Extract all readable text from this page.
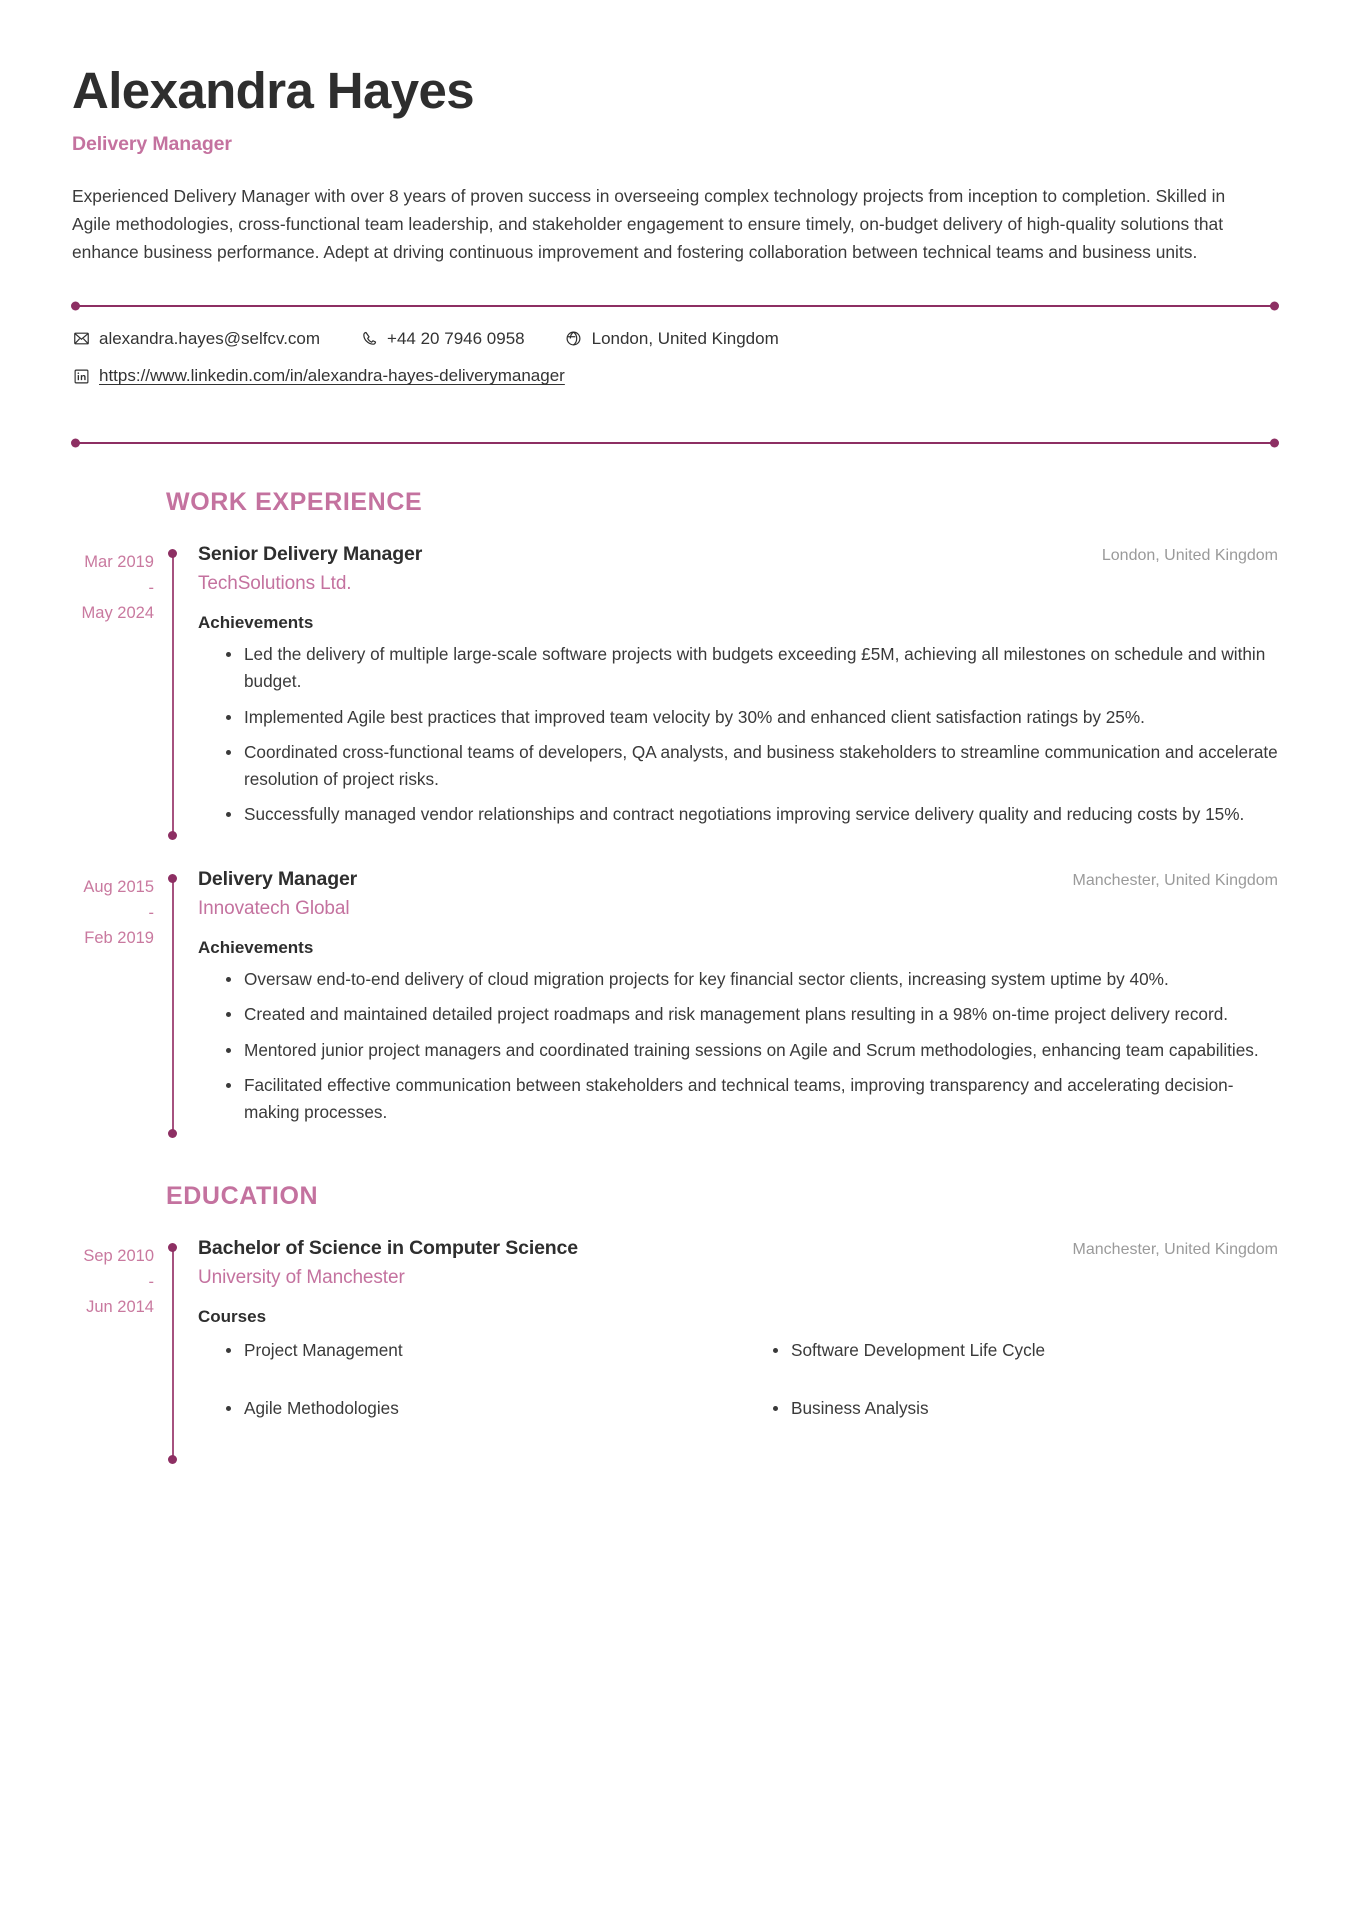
Alexandra Hayes
Delivery Manager

Experienced Delivery Manager with over 8 years of proven success in overseeing complex technology projects from inception to completion. Skilled in Agile methodologies, cross-functional team leadership, and stakeholder engagement to ensure timely, on-budget delivery of high-quality solutions that enhance business performance. Adept at driving continuous improvement and fostering collaboration between technical teams and business units.

alexandra.hayes@selfcv.com	+44 20 7946 0958	London, United Kingdom
https://www.linkedin.com/in/alexandra-hayes-deliverymanager
WORK EXPERIENCE
Mar 2019
-
May 2024
Senior Delivery Manager	London, United Kingdom
TechSolutions Ltd.
Achievements
Led the delivery of multiple large-scale software projects with budgets exceeding £5M, achieving all milestones on schedule and within budget.
Implemented Agile best practices that improved team velocity by 30% and enhanced client satisfaction ratings by 25%.
Coordinated cross-functional teams of developers, QA analysts, and business stakeholders to streamline communication and accelerate resolution of project risks.
Successfully managed vendor relationships and contract negotiations improving service delivery quality and reducing costs by 15%.
Aug 2015
-
Feb 2019
Delivery Manager	Manchester, United Kingdom
Innovatech Global
Achievements
Oversaw end-to-end delivery of cloud migration projects for key financial sector clients, increasing system uptime by 40%.
Created and maintained detailed project roadmaps and risk management plans resulting in a 98% on-time project delivery record.
Mentored junior project managers and coordinated training sessions on Agile and Scrum methodologies, enhancing team capabilities.
Facilitated effective communication between stakeholders and technical teams, improving transparency and accelerating decision-making processes.
EDUCATION
Sep 2010
-
Jun 2014
Bachelor of Science in Computer Science	Manchester, United Kingdom
University of Manchester
Courses
Project Management
Agile Methodologies
Software Development Life Cycle
Business Analysis
